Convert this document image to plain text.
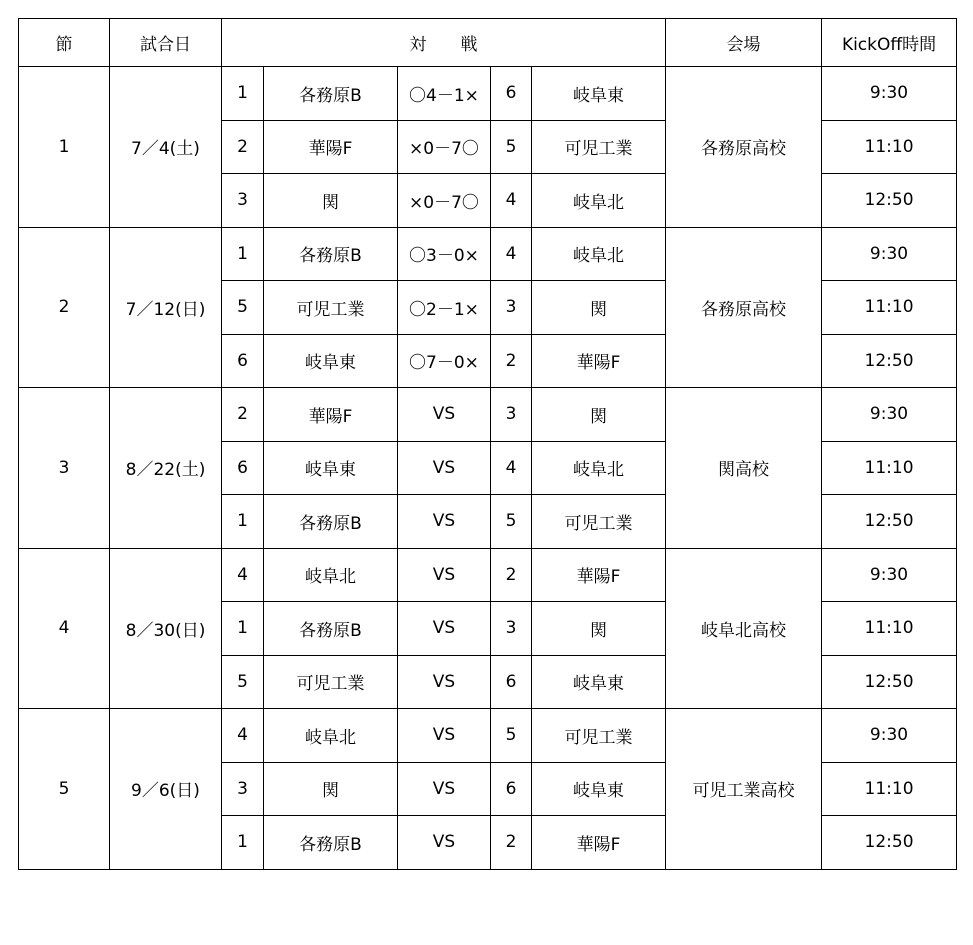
節	試合日	対　　戦					会場	KickOff時間
1	7／4(土)	1	各務原B	〇4－1×	6	岐阜東	各務原高校	9:30
		2	華陽F	×0－7〇	5	可児工業		11:10
		3	関	×0－7〇	4	岐阜北		12:50
2	7／12(日)	1	各務原B	〇3－0×	4	岐阜北	各務原高校	9:30
		5	可児工業	〇2－1×	3	関		11:10
		6	岐阜東	〇7－0×	2	華陽F		12:50
3	8／22(土)	2	華陽F	VS	3	関	関高校	9:30
		6	岐阜東	VS	4	岐阜北		11:10
		1	各務原B	VS	5	可児工業		12:50
4	8／30(日)	4	岐阜北	VS	2	華陽F	岐阜北高校	9:30
		1	各務原B	VS	3	関		11:10
		5	可児工業	VS	6	岐阜東		12:50
5	9／6(日)	4	岐阜北	VS	5	可児工業	可児工業高校	9:30
		3	関	VS	6	岐阜東		11:10
		1	各務原B	VS	2	華陽F		12:50
